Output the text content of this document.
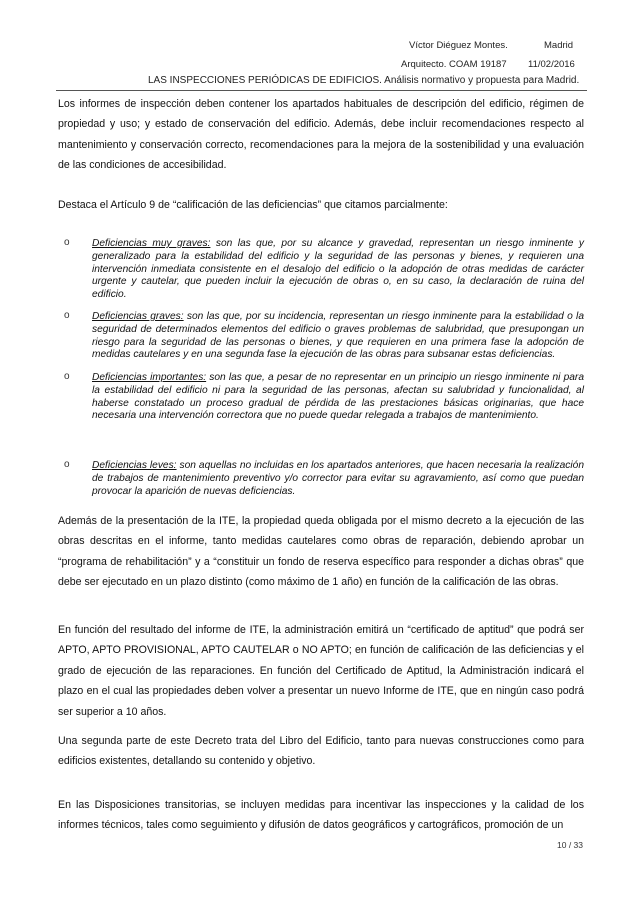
Víctor Diéguez Montes.	Madrid
Arquitecto. COAM 19187 11/02/2016
LAS INSPECCIONES PERIÓDICAS DE EDIFICIOS. Análisis normativo y propuesta para Madrid.

Los informes de inspección deben contener los apartados habituales de descripción del edificio, régimen de propiedad y uso; y estado de conservación del edificio. Además, debe incluir recomendaciones respecto al mantenimiento y conservación correcto, recomendaciones para la mejora de la sostenibilidad y una evaluación de las condiciones de accesibilidad.

Destaca el Artículo 9 de “calificación de las deficiencias” que citamos parcialmente:

o Deficiencias muy graves: son las que, por su alcance y gravedad, representan un riesgo inminente y generalizado para la estabilidad del edificio y la seguridad de las personas y bienes, y requieren una intervención inmediata consistente en el desalojo del edificio o la adopción de otras medidas de carácter urgente y cautelar, que pueden incluir la ejecución de obras o, en su caso, la declaración de ruina del edificio.
o Deficiencias graves: son las que, por su incidencia, representan un riesgo inminente para la estabilidad o la seguridad de determinados elementos del edificio o graves problemas de salubridad, que presupongan un riesgo para la seguridad de las personas o bienes, y que requieren en una primera fase la adopción de medidas cautelares y en una segunda fase la ejecución de las obras para subsanar estas deficiencias.
o Deficiencias importantes: son las que, a pesar de no representar en un principio un riesgo inminente ni para la estabilidad del edificio ni para la seguridad de las personas, afectan su salubridad y funcionalidad, al haberse constatado un proceso gradual de pérdida de las prestaciones básicas originarias, que hace necesaria una intervención correctora que no puede quedar relegada a trabajos de mantenimiento.
o Deficiencias leves: son aquellas no incluidas en los apartados anteriores, que hacen necesaria la realización de trabajos de mantenimiento preventivo y/o corrector para evitar su agravamiento, así como que puedan provocar la aparición de nuevas deficiencias.

Además de la presentación de la ITE, la propiedad queda obligada por el mismo decreto a la ejecución de las obras descritas en el informe, tanto medidas cautelares como obras de reparación, debiendo aprobar un “programa de rehabilitación” y a “constituir un fondo de reserva específico para responder a dichas obras” que debe ser ejecutado en un plazo distinto (como máximo de 1 año) en función de la calificación de las obras.

En función del resultado del informe de ITE, la administración emitirá un “certificado de aptitud” que podrá ser APTO, APTO PROVISIONAL, APTO CAUTELAR o NO APTO; en función de calificación de las deficiencias y el grado de ejecución de las reparaciones. En función del Certificado de Aptitud, la Administración indicará el plazo en el cual las propiedades deben volver a presentar un nuevo Informe de ITE, que en ningún caso podrá ser superior a 10 años.

Una segunda parte de este Decreto trata del Libro del Edificio, tanto para nuevas construcciones como para edificios existentes, detallando su contenido y objetivo.

En las Disposiciones transitorias, se incluyen medidas para incentivar las inspecciones y la calidad de los informes técnicos, tales como seguimiento y difusión de datos geográficos y cartográficos, promoción de un

10 / 33
